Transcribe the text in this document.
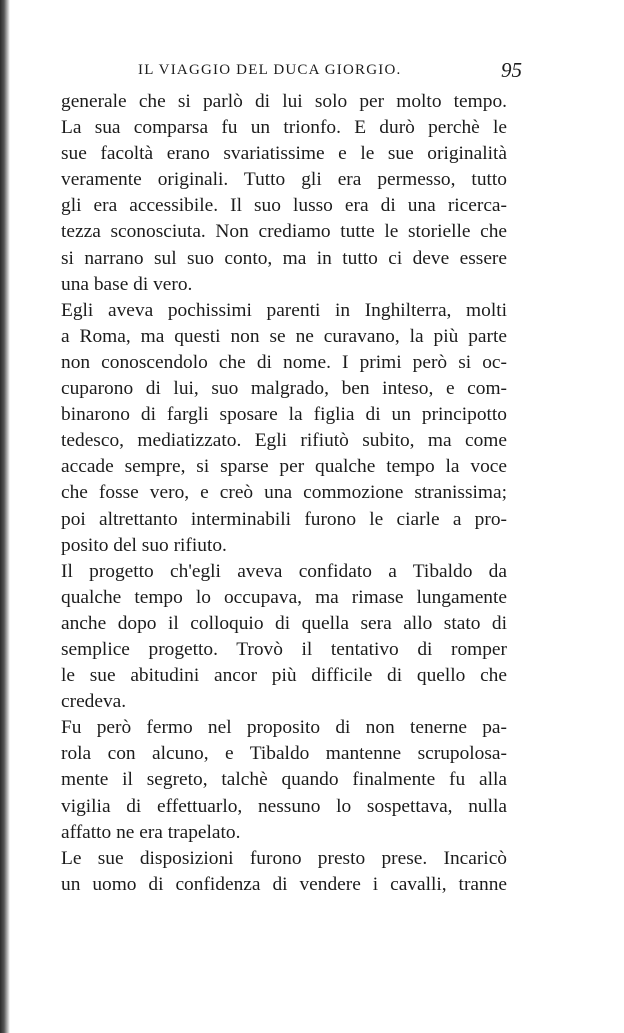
IL VIAGGIO DEL DUCA GIORGIO.	95
generale che si parlò di lui solo per molto tempo.
La sua comparsa fu un trionfo. E durò perchè le
sue facoltà erano svariatissime e le sue originalità
veramente originali. Tutto gli era permesso, tutto
gli era accessibile. Il suo lusso era di una ricerca-
tezza sconosciuta. Non crediamo tutte le storielle che
si narrano sul suo conto, ma in tutto ci deve essere
una base di vero.
Egli aveva pochissimi parenti in Inghilterra, molti
a Roma, ma questi non se ne curavano, la più parte
non conoscendolo che di nome. I primi però si oc-
cuparono di lui, suo malgrado, ben inteso, e com-
binarono di fargli sposare la figlia di un principotto
tedesco, mediatizzato. Egli rifiutò subito, ma come
accade sempre, si sparse per qualche tempo la voce
che fosse vero, e creò una commozione stranissima;
poi altrettanto interminabili furono le ciarle a pro-
posito del suo rifiuto.
Il progetto ch'egli aveva confidato a Tibaldo da
qualche tempo lo occupava, ma rimase lungamente
anche dopo il colloquio di quella sera allo stato di
semplice progetto. Trovò il tentativo di romper
le sue abitudini ancor più difficile di quello che
credeva.
Fu però fermo nel proposito di non tenerne pa-
rola con alcuno, e Tibaldo mantenne scrupolosa-
mente il segreto, talchè quando finalmente fu alla
vigilia di effettuarlo, nessuno lo sospettava, nulla
affatto ne era trapelato.
Le sue disposizioni furono presto prese. Incaricò
un uomo di confidenza di vendere i cavalli, tranne
